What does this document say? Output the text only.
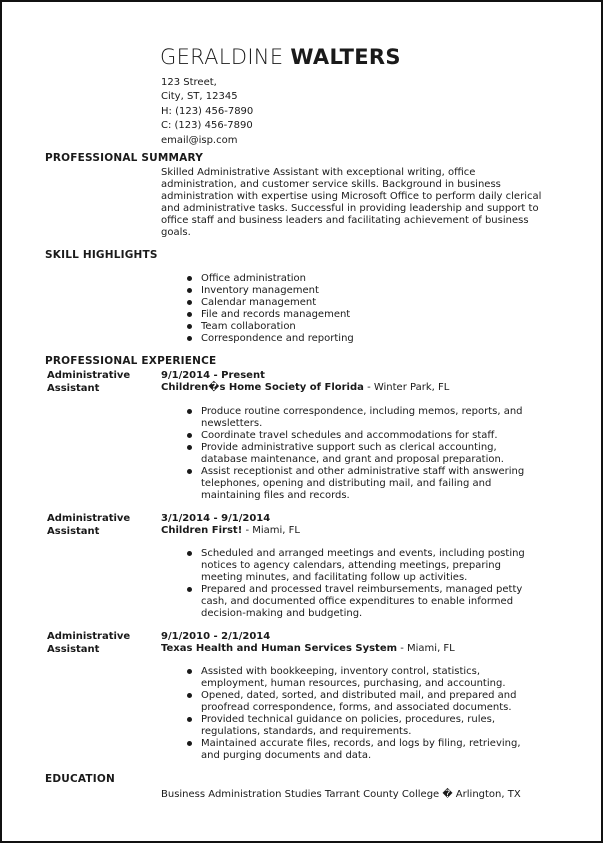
GERALDINE WALTERS
123 Street,
City, ST, 12345
H: (123) 456-7890
C: (123) 456-7890
email@isp.com
PROFESSIONAL SUMMARY
Skilled Administrative Assistant with exceptional writing, office
administration, and customer service skills. Background in business
administration with expertise using Microsoft Office to perform daily clerical
and administrative tasks. Successful in providing leadership and support to
office staff and business leaders and facilitating achievement of business
goals.
SKILL HIGHLIGHTS
Office administration
Inventory management
Calendar management
File and records management
Team collaboration
Correspondence and reporting
PROFESSIONAL EXPERIENCE
Administrative
Assistant
9/1/2014 - Present
Children�s Home Society of Florida - Winter Park, FL
Produce routine correspondence, including memos, reports, and
newsletters.
Coordinate travel schedules and accommodations for staff.
Provide administrative support such as clerical accounting,
database maintenance, and grant and proposal preparation.
Assist receptionist and other administrative staff with answering
telephones, opening and distributing mail, and failing and
maintaining files and records.
Administrative
Assistant
3/1/2014 - 9/1/2014
Children First! - Miami, FL
Scheduled and arranged meetings and events, including posting
notices to agency calendars, attending meetings, preparing
meeting minutes, and facilitating follow up activities.
Prepared and processed travel reimbursements, managed petty
cash, and documented office expenditures to enable informed
decision-making and budgeting.
Administrative
Assistant
9/1/2010 - 2/1/2014
Texas Health and Human Services System - Miami, FL
Assisted with bookkeeping, inventory control, statistics,
employment, human resources, purchasing, and accounting.
Opened, dated, sorted, and distributed mail, and prepared and
proofread correspondence, forms, and associated documents.
Provided technical guidance on policies, procedures, rules,
regulations, standards, and requirements.
Maintained accurate files, records, and logs by filing, retrieving,
and purging documents and data.
EDUCATION
Business Administration Studies Tarrant County College � Arlington, TX
